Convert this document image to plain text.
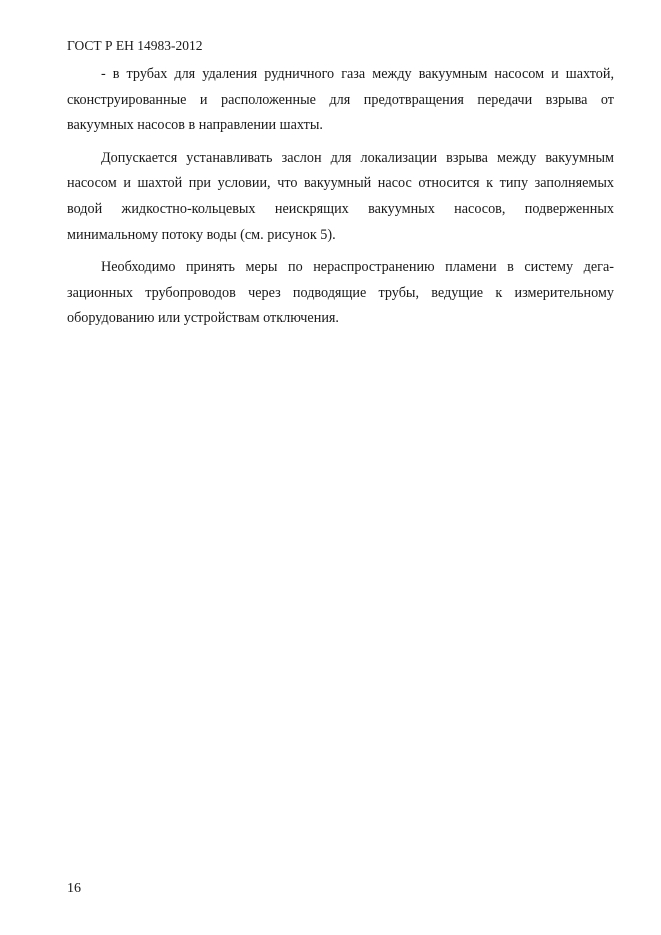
ГОСТ Р ЕН 14983-2012

- в трубах для удаления рудничного газа между вакуумным насосом и шахтой, сконструированные и расположенные для предотвращения передачи взрыва от вакуумных насосов в направлении шахты.

Допускается устанавливать заслон для локализации взрыва между вакуумным насосом и шахтой при условии, что вакуумный насос относится к типу заполняемых водой жидкостно-кольцевых неискрящих вакуумных насосов, подверженных минимальному потоку воды (см. рисунок 5).

Необходимо принять меры по нераспространению пламени в систему дегазационных трубопроводов через подводящие трубы, ведущие к измерительному оборудованию или устройствам отключения.

16
